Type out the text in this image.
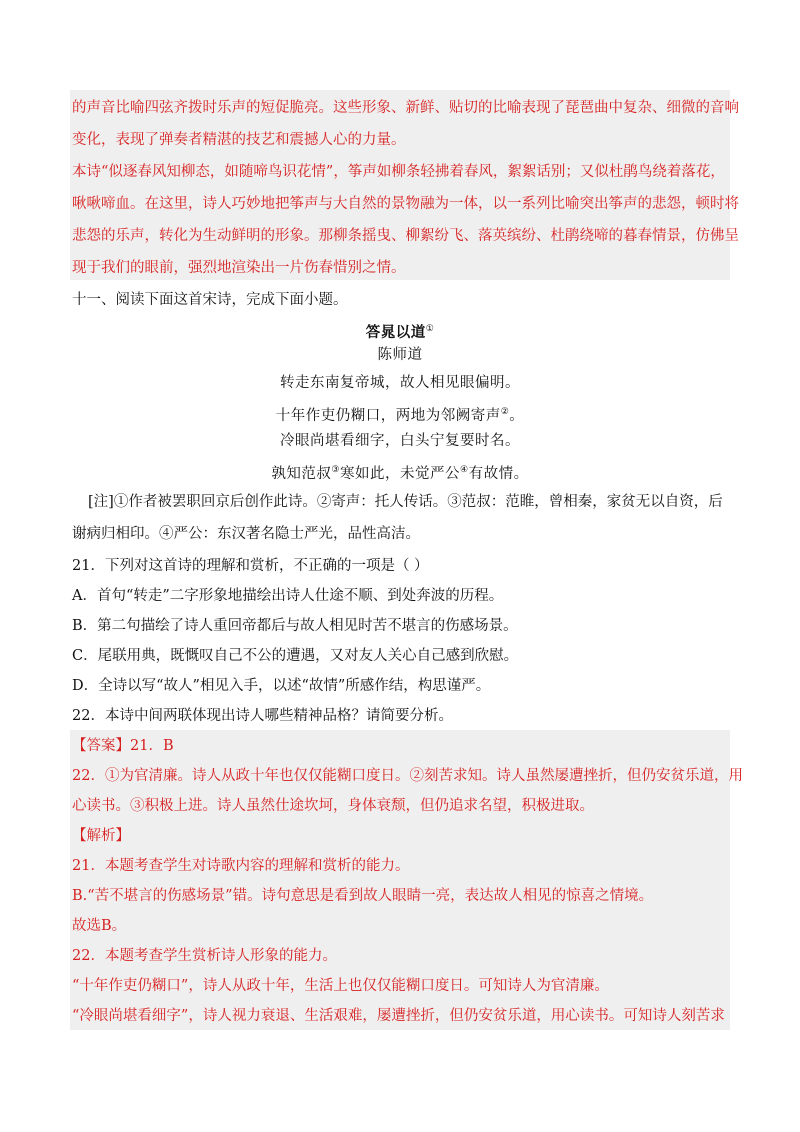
的声音比喻四弦齐拨时乐声的短促脆亮。这些形象、新鲜、贴切的比喻表现了琵琶曲中复杂、细微的音响
变化，表现了弹奏者精湛的技艺和震撼人心的力量。
本诗“似逐春风知柳态，如随啼鸟识花情”，筝声如柳条轻拂着春风，絮絮话别；又似杜鹃鸟绕着落花，
啾啾啼血。在这里，诗人巧妙地把筝声与大自然的景物融为一体，以一系列比喻突出筝声的悲怨，顿时将
悲怨的乐声，转化为生动鲜明的形象。那柳条摇曳、柳絮纷飞、落英缤纷、杜鹃绕啼的暮春情景，仿佛呈
现于我们的眼前，强烈地渲染出一片伤春惜别之情。
十一、阅读下面这首宋诗，完成下面小题。
答晁以道①
陈师道
转走东南复帝城，故人相见眼偏明。
十年作吏仍糊口，两地为邻阙寄声②。
冷眼尚堪看细字，白头宁复要时名。
孰知范叔③寒如此，未觉严公④有故情。
[注]①作者被罢职回京后创作此诗。②寄声：托人传话。③范叔：范睢，曾相秦，家贫无以自资，后
谢病归相印。④严公：东汉著名隐士严光，品性高洁。
21．下列对这首诗的理解和赏析，不正确的一项是（ ）
A．首句“转走”二字形象地描绘出诗人仕途不顺、到处奔波的历程。
B．第二句描绘了诗人重回帝都后与故人相见时苦不堪言的伤感场景。
C．尾联用典，既慨叹自己不公的遭遇，又对友人关心自己感到欣慰。
D．全诗以写“故人”相见入手，以述“故情”所感作结，构思谨严。
22．本诗中间两联体现出诗人哪些精神品格？请简要分析。
【答案】21．B
22．①为官清廉。诗人从政十年也仅仅能糊口度日。②刻苦求知。诗人虽然屡遭挫折，但仍安贫乐道，用
心读书。③积极上进。诗人虽然仕途坎坷，身体衰颓，但仍追求名望，积极进取。
【解析】
21．本题考查学生对诗歌内容的理解和赏析的能力。
B.“苦不堪言的伤感场景”错。诗句意思是看到故人眼睛一亮，表达故人相见的惊喜之情境。
故选B。
22．本题考查学生赏析诗人形象的能力。
“十年作吏仍糊口”，诗人从政十年，生活上也仅仅能糊口度日。可知诗人为官清廉。
“冷眼尚堪看细字”，诗人视力衰退、生活艰难，屡遭挫折，但仍安贫乐道，用心读书。可知诗人刻苦求
